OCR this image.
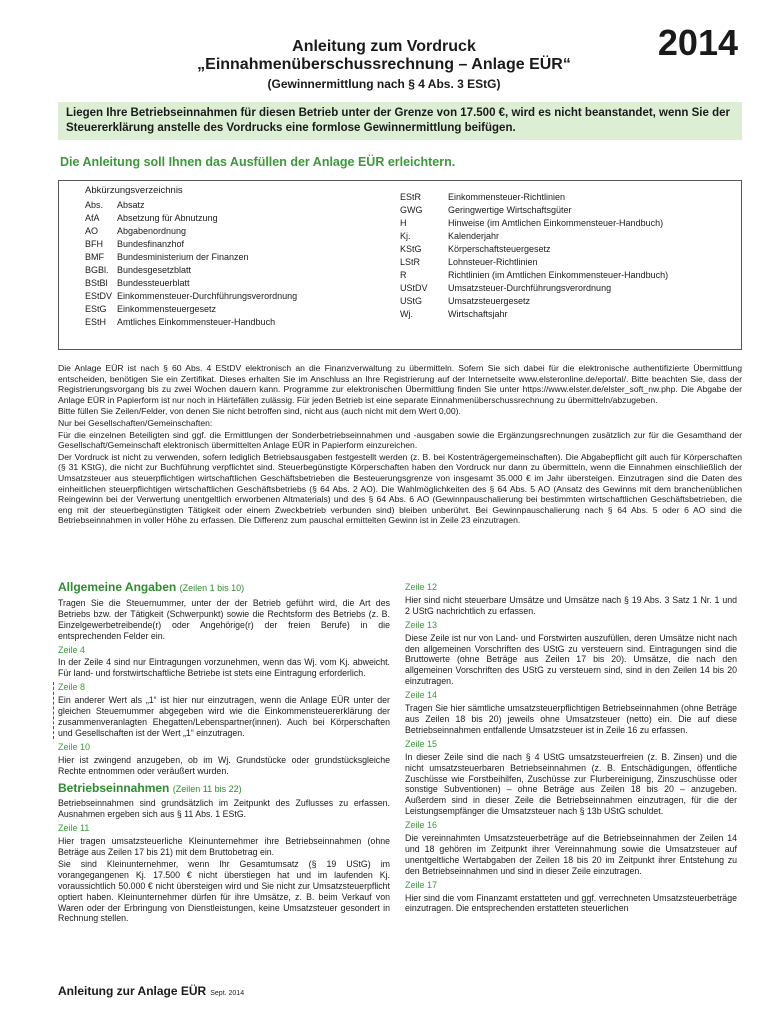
2014
Anleitung zum Vordruck
„Einnahmenüberschussrechnung – Anlage EÜR“
(Gewinnermittlung nach § 4 Abs. 3 EStG)
Liegen Ihre Betriebseinnahmen für diesen Betrieb unter der Grenze von 17.500 €, wird es nicht beanstandet, wenn Sie der Steuererklärung anstelle des Vordrucks eine formlose Gewinnermittlung beifügen.
Die Anleitung soll Ihnen das Ausfüllen der Anlage EÜR erleichtern.
Abkürzungsverzeichnis
Abs.	Absatz
AfA	Absetzung für Abnutzung
AO	Abgabenordnung
BFH	Bundesfinanzhof
BMF	Bundesministerium der Finanzen
BGBl. Bundesgesetzblatt
BStBl	Bundessteuerblatt
EStDV Einkommensteuer-Durchführungsverordnung
EStG	Einkommensteuergesetz
EStH	Amtliches Einkommensteuer-Handbuch
EStR	Einkommensteuer-Richtlinien
GWG	Geringwertige Wirtschaftsgüter
H	Hinweise (im Amtlichen Einkommensteuer-Handbuch)
Kj.	Kalenderjahr
KStG	Körperschaftsteuergesetz
LStR	Lohnsteuer-Richtlinien
R	Richtlinien (im Amtlichen Einkommensteuer-Handbuch)
UStDV	Umsatzsteuer-Durchführungsverordnung
UStG	Umsatzsteuergesetz
Wj.	Wirtschaftsjahr

Die Anlage EÜR ist nach § 60 Abs. 4 EStDV elektronisch an die Finanzverwaltung zu übermitteln. Sofern Sie sich dabei für die elektronische authentifizierte Übermittlung entscheiden, benötigen Sie ein Zertifikat. Dieses erhalten Sie im Anschluss an Ihre Registrierung auf der Internetseite www.elsteronline.de/eportal/. Bitte beachten Sie, dass der Registrierungsvorgang bis zu zwei Wochen dauern kann. Programme zur elektronischen Übermittlung finden Sie unter https://www.elster.de/elster_soft_nw.php. Die Abgabe der Anlage EÜR in Papierform ist nur noch in Härtefällen zulässig. Für jeden Betrieb ist eine separate Einnahmenüberschussrechnung zu übermitteln/abzugeben.

Bitte füllen Sie Zeilen/Felder, von denen Sie nicht betroffen sind, nicht aus (auch nicht mit dem Wert 0,00).

Nur bei Gesellschaften/Gemeinschaften:

Für die einzelnen Beteiligten sind ggf. die Ermittlungen der Sonderbetriebseinnahmen und -ausgaben sowie die Ergänzungsrechnungen zusätzlich zur für die Gesamthand der Gesellschaft/Gemeinschaft elektronisch übermittelten Anlage EÜR in Papierform einzureichen.

Der Vordruck ist nicht zu verwenden, sofern lediglich Betriebsausgaben festgestellt werden (z. B. bei Kostenträgergemeinschaften). Die Abgabepflicht gilt auch für Körperschaften (§ 31 KStG), die nicht zur Buchführung verpflichtet sind. Steuerbegünstigte Körperschaften haben den Vordruck nur dann zu übermitteln, wenn die Einnahmen einschließlich der Umsatzsteuer aus steuerpflichtigen wirtschaftlichen Geschäftsbetrieben die Besteuerungsgrenze von insgesamt 35.000 € im Jahr übersteigen. Einzutragen sind die Daten des einheitlichen steuerpflichtigen wirtschaftlichen Geschäftsbetriebs (§ 64 Abs. 2 AO). Die Wahlmöglichkeiten des § 64 Abs. 5 AO (Ansatz des Gewinns mit dem branchenüblichen Reingewinn bei der Verwertung unentgeltlich erworbenen Altmaterials) und des § 64 Abs. 6 AO (Gewinnpauschalierung bei bestimmten wirtschaftlichen Geschäftsbetrieben, die eng mit der steuerbegünstigten Tätigkeit oder einem Zweckbetrieb verbunden sind) bleiben unberührt. Bei Gewinnpauschalierung nach § 64 Abs. 5 oder 6 AO sind die Betriebseinnahmen in voller Höhe zu erfassen. Die Differenz zum pauschal ermittelten Gewinn ist in Zeile 23 einzutragen.

Allgemeine Angaben (Zeilen 1 bis 10)

Tragen Sie die Steuernummer, unter der der Betrieb geführt wird, die Art des Betriebs bzw. der Tätigkeit (Schwerpunkt) sowie die Rechtsform des Betriebs (z. B. Einzelgewerbetreibende(r) oder Angehörige(r) der freien Berufe) in die entsprechenden Felder ein.

Zeile 4

In der Zeile 4 sind nur Eintragungen vorzunehmen, wenn das Wj. vom Kj. abweicht. Für land- und forstwirtschaftliche Betriebe ist stets eine Eintragung erforderlich.

Zeile 8

Ein anderer Wert als „1“ ist hier nur einzutragen, wenn die Anlage EÜR unter der gleichen Steuernummer abgegeben wird wie die Einkommensteuererklärung der zusammenveranlagten Ehegatten/Lebenspartner(innen). Auch bei Körperschaften und Gesellschaften ist der Wert „1“ einzutragen.

Zeile 10

Hier ist zwingend anzugeben, ob im Wj. Grundstücke oder grundstücksgleiche Rechte entnommen oder veräußert wurden.

Betriebseinnahmen (Zeilen 11 bis 22)

Betriebseinnahmen sind grundsätzlich im Zeitpunkt des Zuflusses zu erfassen. Ausnahmen ergeben sich aus § 11 Abs. 1 EStG.

Zeile 11

Hier tragen umsatzsteuerliche Kleinunternehmer ihre Betriebseinnahmen (ohne Beträge aus Zeilen 17 bis 21) mit dem Bruttobetrag ein.

Sie sind Kleinunternehmer, wenn Ihr Gesamtumsatz (§ 19 UStG) im vorangegangenen Kj. 17.500 € nicht überstiegen hat und im laufenden Kj. voraussichtlich 50.000 € nicht übersteigen wird und Sie nicht zur Umsatzsteuerpflicht optiert haben. Kleinunternehmer dürfen für ihre Umsätze, z. B. beim Verkauf von Waren oder der Erbringung von Dienstleistungen, keine Umsatzsteuer gesondert in Rechnung stellen.

Zeile 12

Hier sind nicht steuerbare Umsätze und Umsätze nach § 19 Abs. 3 Satz 1 Nr. 1 und 2 UStG nachrichtlich zu erfassen.

Zeile 13

Diese Zeile ist nur von Land- und Forstwirten auszufüllen, deren Umsätze nicht nach den allgemeinen Vorschriften des UStG zu versteuern sind. Eintragungen sind die Bruttowerte (ohne Beträge aus Zeilen 17 bis 20). Umsätze, die nach den allgemeinen Vorschriften des UStG zu versteuern sind, sind in den Zeilen 14 bis 20 einzutragen.

Zeile 14

Tragen Sie hier sämtliche umsatzsteuerpflichtigen Betriebseinnahmen (ohne Beträge aus Zeilen 18 bis 20) jeweils ohne Umsatzsteuer (netto) ein. Die auf diese Betriebseinnahmen entfallende Umsatzsteuer ist in Zeile 16 zu erfassen.

Zeile 15

In dieser Zeile sind die nach § 4 UStG umsatzsteuerfreien (z. B. Zinsen) und die nicht umsatzsteuerbaren Betriebseinnahmen (z. B. Entschädigungen, öffentliche Zuschüsse wie Forstbeihilfen, Zuschüsse zur Flurbereinigung, Zinszuschüsse oder sonstige Subventionen) – ohne Beträge aus Zeilen 18 bis 20 – anzugeben. Außerdem sind in dieser Zeile die Betriebseinnahmen einzutragen, für die der Leistungsempfänger die Umsatzsteuer nach § 13b UStG schuldet.

Zeile 16

Die vereinnahmten Umsatzsteuerbeträge auf die Betriebseinnahmen der Zeilen 14 und 18 gehören im Zeitpunkt ihrer Vereinnahmung sowie die Umsatzsteuer auf unentgeltliche Wertabgaben der Zeilen 18 bis 20 im Zeitpunkt ihrer Entstehung zu den Betriebseinnahmen und sind in dieser Zeile einzutragen.

Zeile 17

Hier sind die vom Finanzamt erstatteten und ggf. verrechneten Umsatzsteuerbeträge einzutragen. Die entsprechenden erstatteten steuerlichen

Anleitung zur Anlage EÜR Sept. 2014
